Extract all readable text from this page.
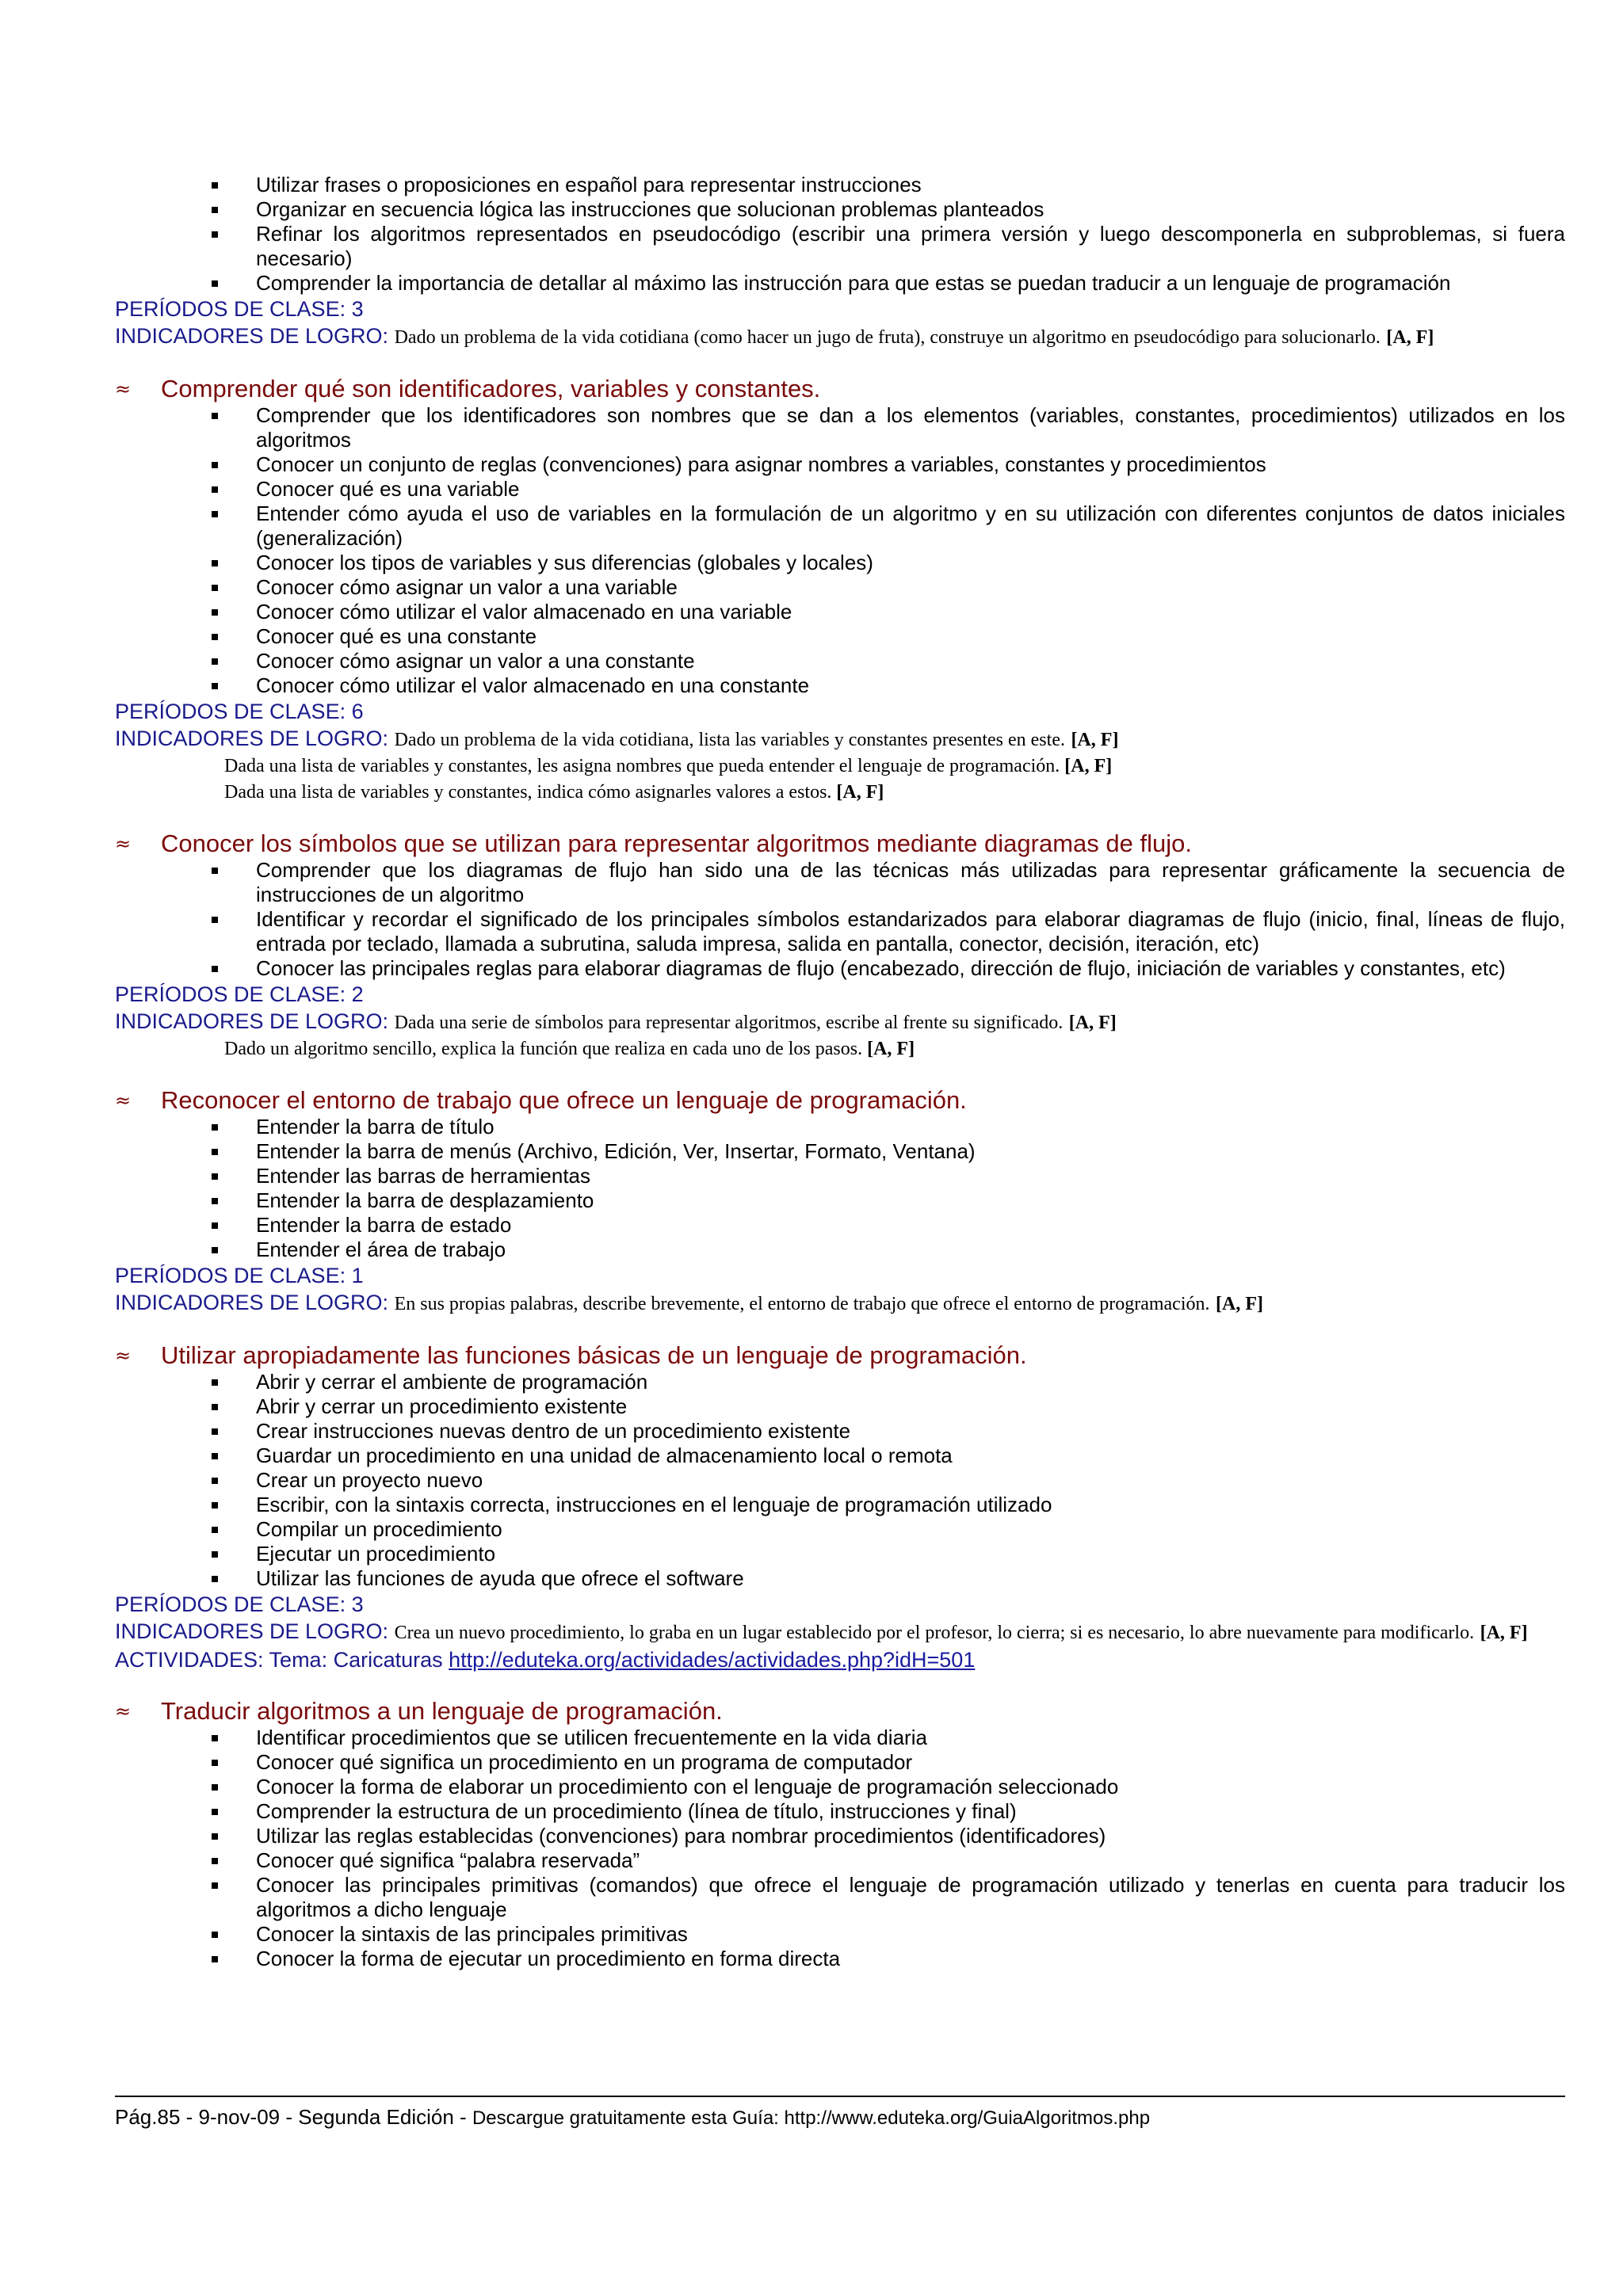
Utilizar frases o proposiciones en español para representar instrucciones
Organizar en secuencia lógica las instrucciones que solucionan problemas planteados
Refinar los algoritmos representados en pseudocódigo (escribir una primera versión y luego descomponerla en subproblemas, si fuera necesario)
Comprender la importancia de detallar al máximo las instrucción para que estas se puedan traducir a un lenguaje de programación
PERÍODOS DE CLASE: 3
INDICADORES DE LOGRO: Dado un problema de la vida cotidiana (como hacer un jugo de fruta), construye un algoritmo en pseudocódigo para solucionarlo. [A, F]
≈ Comprender qué son identificadores, variables y constantes.
Comprender que los identificadores son nombres que se dan a los elementos (variables, constantes, procedimientos) utilizados en los algoritmos
Conocer un conjunto de reglas (convenciones) para asignar nombres a variables, constantes y procedimientos
Conocer qué es una variable
Entender cómo ayuda el uso de variables en la formulación de un algoritmo y en su utilización con diferentes conjuntos de datos iniciales (generalización)
Conocer los tipos de variables y sus diferencias (globales y locales)
Conocer cómo asignar un valor a una variable
Conocer cómo utilizar el valor almacenado en una variable
Conocer qué es una constante
Conocer cómo asignar un valor a una constante
Conocer cómo utilizar el valor almacenado en una constante
PERÍODOS DE CLASE: 6
INDICADORES DE LOGRO: Dado un problema de la vida cotidiana, lista las variables y constantes presentes en este. [A, F]
Dada una lista de variables y constantes, les asigna nombres que pueda entender el lenguaje de programación. [A, F]
Dada una lista de variables y constantes, indica cómo asignarles valores a estos. [A, F]
≈ Conocer los símbolos que se utilizan para representar algoritmos mediante diagramas de flujo.
Comprender que los diagramas de flujo han sido una de las técnicas más utilizadas para representar gráficamente la secuencia de instrucciones de un algoritmo
Identificar y recordar el significado de los principales símbolos estandarizados para elaborar diagramas de flujo (inicio, final, líneas de flujo, entrada por teclado, llamada a subrutina, saluda impresa, salida en pantalla, conector, decisión, iteración, etc)
Conocer las principales reglas para elaborar diagramas de flujo (encabezado, dirección de flujo, iniciación de variables y constantes, etc)
PERÍODOS DE CLASE: 2
INDICADORES DE LOGRO: Dada una serie de símbolos para representar algoritmos, escribe al frente su significado. [A, F]
Dado un algoritmo sencillo, explica la función que realiza en cada uno de los pasos. [A, F]
≈ Reconocer el entorno de trabajo que ofrece un lenguaje de programación.
Entender la barra de título
Entender la barra de menús (Archivo, Edición, Ver, Insertar, Formato, Ventana)
Entender las barras de herramientas
Entender la barra de desplazamiento
Entender la barra de estado
Entender el área de trabajo
PERÍODOS DE CLASE: 1
INDICADORES DE LOGRO: En sus propias palabras, describe brevemente, el entorno de trabajo que ofrece el entorno de programación. [A, F]
≈ Utilizar apropiadamente las funciones básicas de un lenguaje de programación.
Abrir y cerrar el ambiente de programación
Abrir y cerrar un procedimiento existente
Crear instrucciones nuevas dentro de un procedimiento existente
Guardar un procedimiento en una unidad de almacenamiento local o remota
Crear un proyecto nuevo
Escribir, con la sintaxis correcta, instrucciones en el lenguaje de programación utilizado
Compilar un procedimiento
Ejecutar un procedimiento
Utilizar las funciones de ayuda que ofrece el software
PERÍODOS DE CLASE: 3
INDICADORES DE LOGRO: Crea un nuevo procedimiento, lo graba en un lugar establecido por el profesor, lo cierra; si es necesario, lo abre nuevamente para modificarlo. [A, F]
ACTIVIDADES: Tema: Caricaturas http://eduteka.org/actividades/actividades.php?idH=501
≈ Traducir algoritmos a un lenguaje de programación.
Identificar procedimientos que se utilicen frecuentemente en la vida diaria
Conocer qué significa un procedimiento en un programa de computador
Conocer la forma de elaborar un procedimiento con el lenguaje de programación seleccionado
Comprender la estructura de un procedimiento (línea de título, instrucciones y final)
Utilizar las reglas establecidas (convenciones) para nombrar procedimientos (identificadores)
Conocer qué significa “palabra reservada”
Conocer las principales primitivas (comandos) que ofrece el lenguaje de programación utilizado y tenerlas en cuenta para traducir los algoritmos a dicho lenguaje
Conocer la sintaxis de las principales primitivas
Conocer la forma de ejecutar un procedimiento en forma directa
Pág.85 - 9-nov-09 - Segunda Edición - Descargue gratuitamente esta Guía: http://www.eduteka.org/GuiaAlgoritmos.php
